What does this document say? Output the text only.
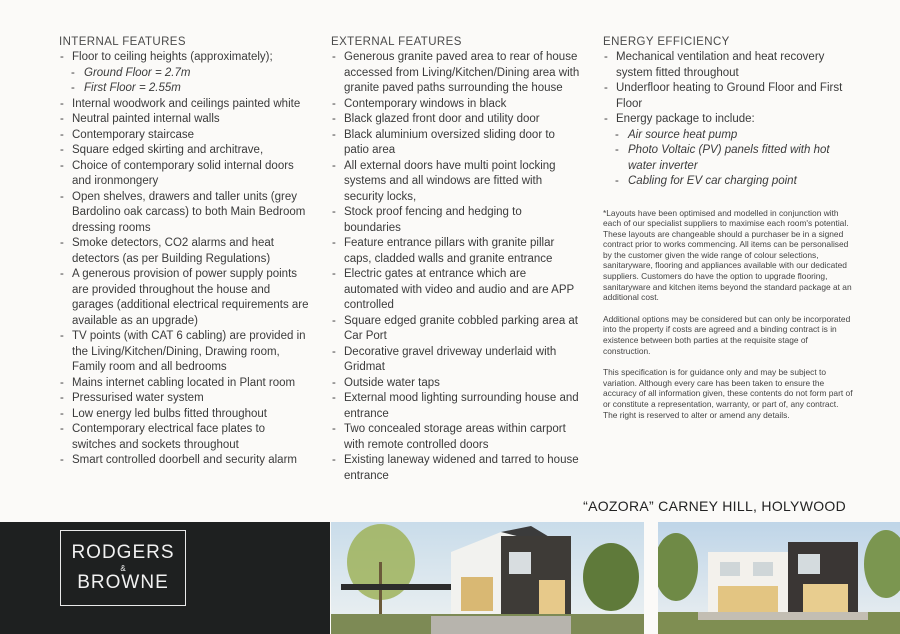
INTERNAL FEATURES
- Floor to ceiling heights (approximately);
- Ground Floor = 2.7m
- First Floor = 2.55m
- Internal woodwork and ceilings painted white
- Neutral painted internal walls
- Contemporary staircase
- Square edged skirting and architrave,
- Choice of contemporary solid internal doors and ironmongery
- Open shelves, drawers and taller units (grey Bardolino oak carcass) to both Main Bedroom dressing rooms
- Smoke detectors, CO2 alarms and heat detectors (as per Building Regulations)
- A generous provision of power supply points are provided throughout the house and garages (additional electrical requirements are available as an upgrade)
- TV points (with CAT 6 cabling) are provided in the Living/Kitchen/Dining, Drawing room, Family room and all bedrooms
- Mains internet cabling located in Plant room
- Pressurised water system
- Low energy led bulbs fitted throughout
- Contemporary electrical face plates to switches and sockets throughout
- Smart controlled doorbell and security alarm
EXTERNAL FEATURES
- Generous granite paved area to rear of house accessed from Living/Kitchen/Dining area with granite paved paths surrounding the house
- Contemporary windows in black
- Black glazed front door and utility door
- Black aluminium oversized sliding door to patio area
- All external doors have multi point locking systems and all windows are fitted with security locks,
- Stock proof fencing and hedging to boundaries
- Feature entrance pillars with granite pillar caps, cladded walls and granite entrance
- Electric gates at entrance which are automated with video and audio and are APP controlled
- Square edged granite cobbled parking area at Car Port
- Decorative gravel driveway underlaid with Gridmat
- Outside water taps
- External mood lighting surrounding house and entrance
- Two concealed storage areas within carport with remote controlled doors
- Existing laneway widened and tarred to house entrance
ENERGY EFFICIENCY
- Mechanical ventilation and heat recovery system fitted throughout
- Underfloor heating to Ground Floor and First Floor
- Energy package to include:
- Air source heat pump
- Photo Voltaic (PV) panels fitted with hot water inverter
- Cabling for EV car charging point

*Layouts have been optimised and modelled in conjunction with each of our specialist suppliers to maximise each room's potential. These layouts are changeable should a purchaser be in a signed contract prior to works commencing. All items can be personalised by the customer given the wide range of colour selections, sanitaryware, flooring and appliances available with our dedicated suppliers. Customers do have the option to upgrade flooring, sanitaryware and kitchen items beyond the standard package at an additional cost.

Additional options may be considered but can only be incorporated into the property if costs are agreed and a binding contract is in existence between both parties at the requisite stage of construction.

This specification is for guidance only and may be subject to variation. Although every care has been taken to ensure the accuracy of all information given, these contents do not form part of or constitute a representation, warranty, or part of, any contract. The right is reserved to alter or amend any details.

“AOZORA” CARNEY HILL, HOLYWOOD
RODGERS
&
BROWNE
